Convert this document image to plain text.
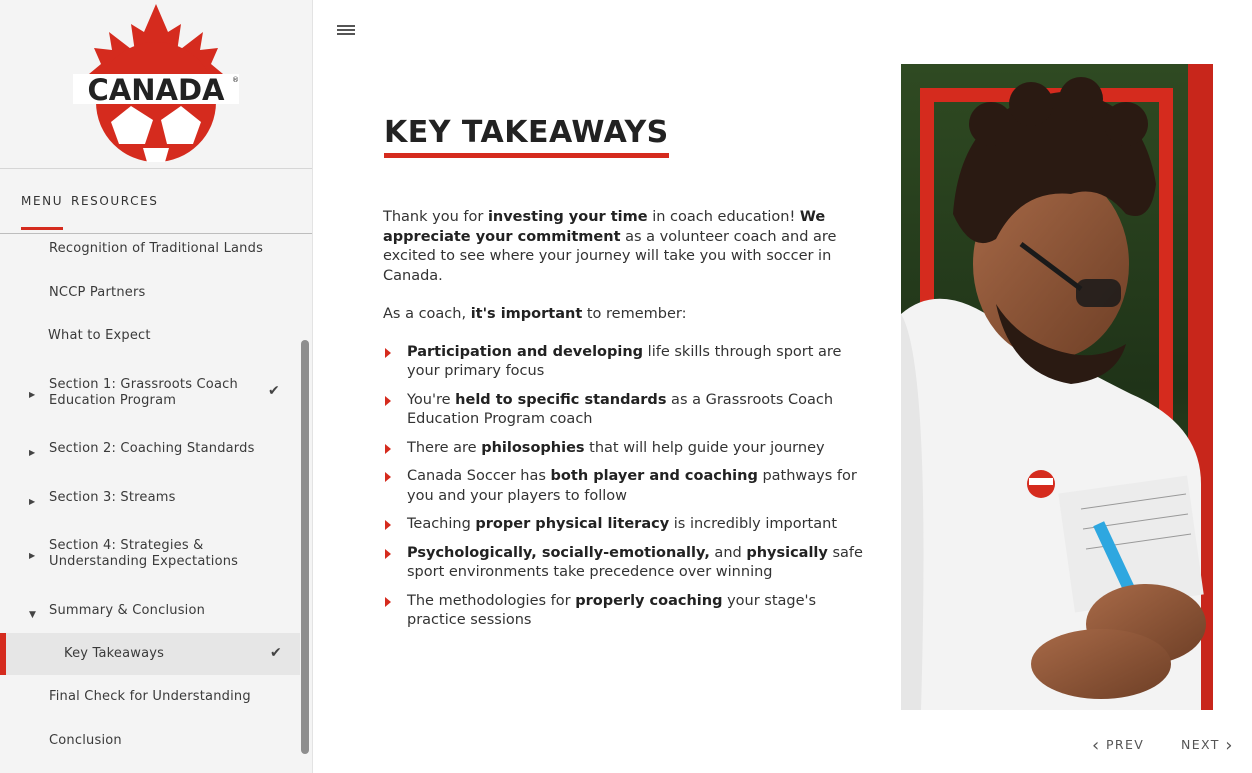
CANADA ®
MENU RESOURCES
Recognition of Traditional Lands
NCCP Partners
What to Expect
▶
Section 1: Grassroots Coach Education Program
✔
▶ Section 2: Coaching Standards
▶ Section 3: Streams
▶
Section 4: Strategies & Understanding Expectations
▼ Summary & Conclusion
Key Takeaways	✔
Final Check for Understanding
Conclusion
KEY TAKEAWAYS

Thank you for investing your time in coach education! We appreciate your commitment as a volunteer coach and are excited to see where your journey will take you with soccer in Canada.

As a coach, it's important to remember:

Participation and developing life skills through sport are your primary focus
You're held to specific standards as a Grassroots Coach Education Program coach
There are philosophies that will help guide your journey
Canada Soccer has both player and coaching pathways for you and your players to follow
Teaching proper physical literacy is incredibly important
Psychologically, socially-emotionally, and physically safe sport environments take precedence over winning
The methodologies for properly coaching your stage's practice sessions
‹ PREV	NEXT ›
